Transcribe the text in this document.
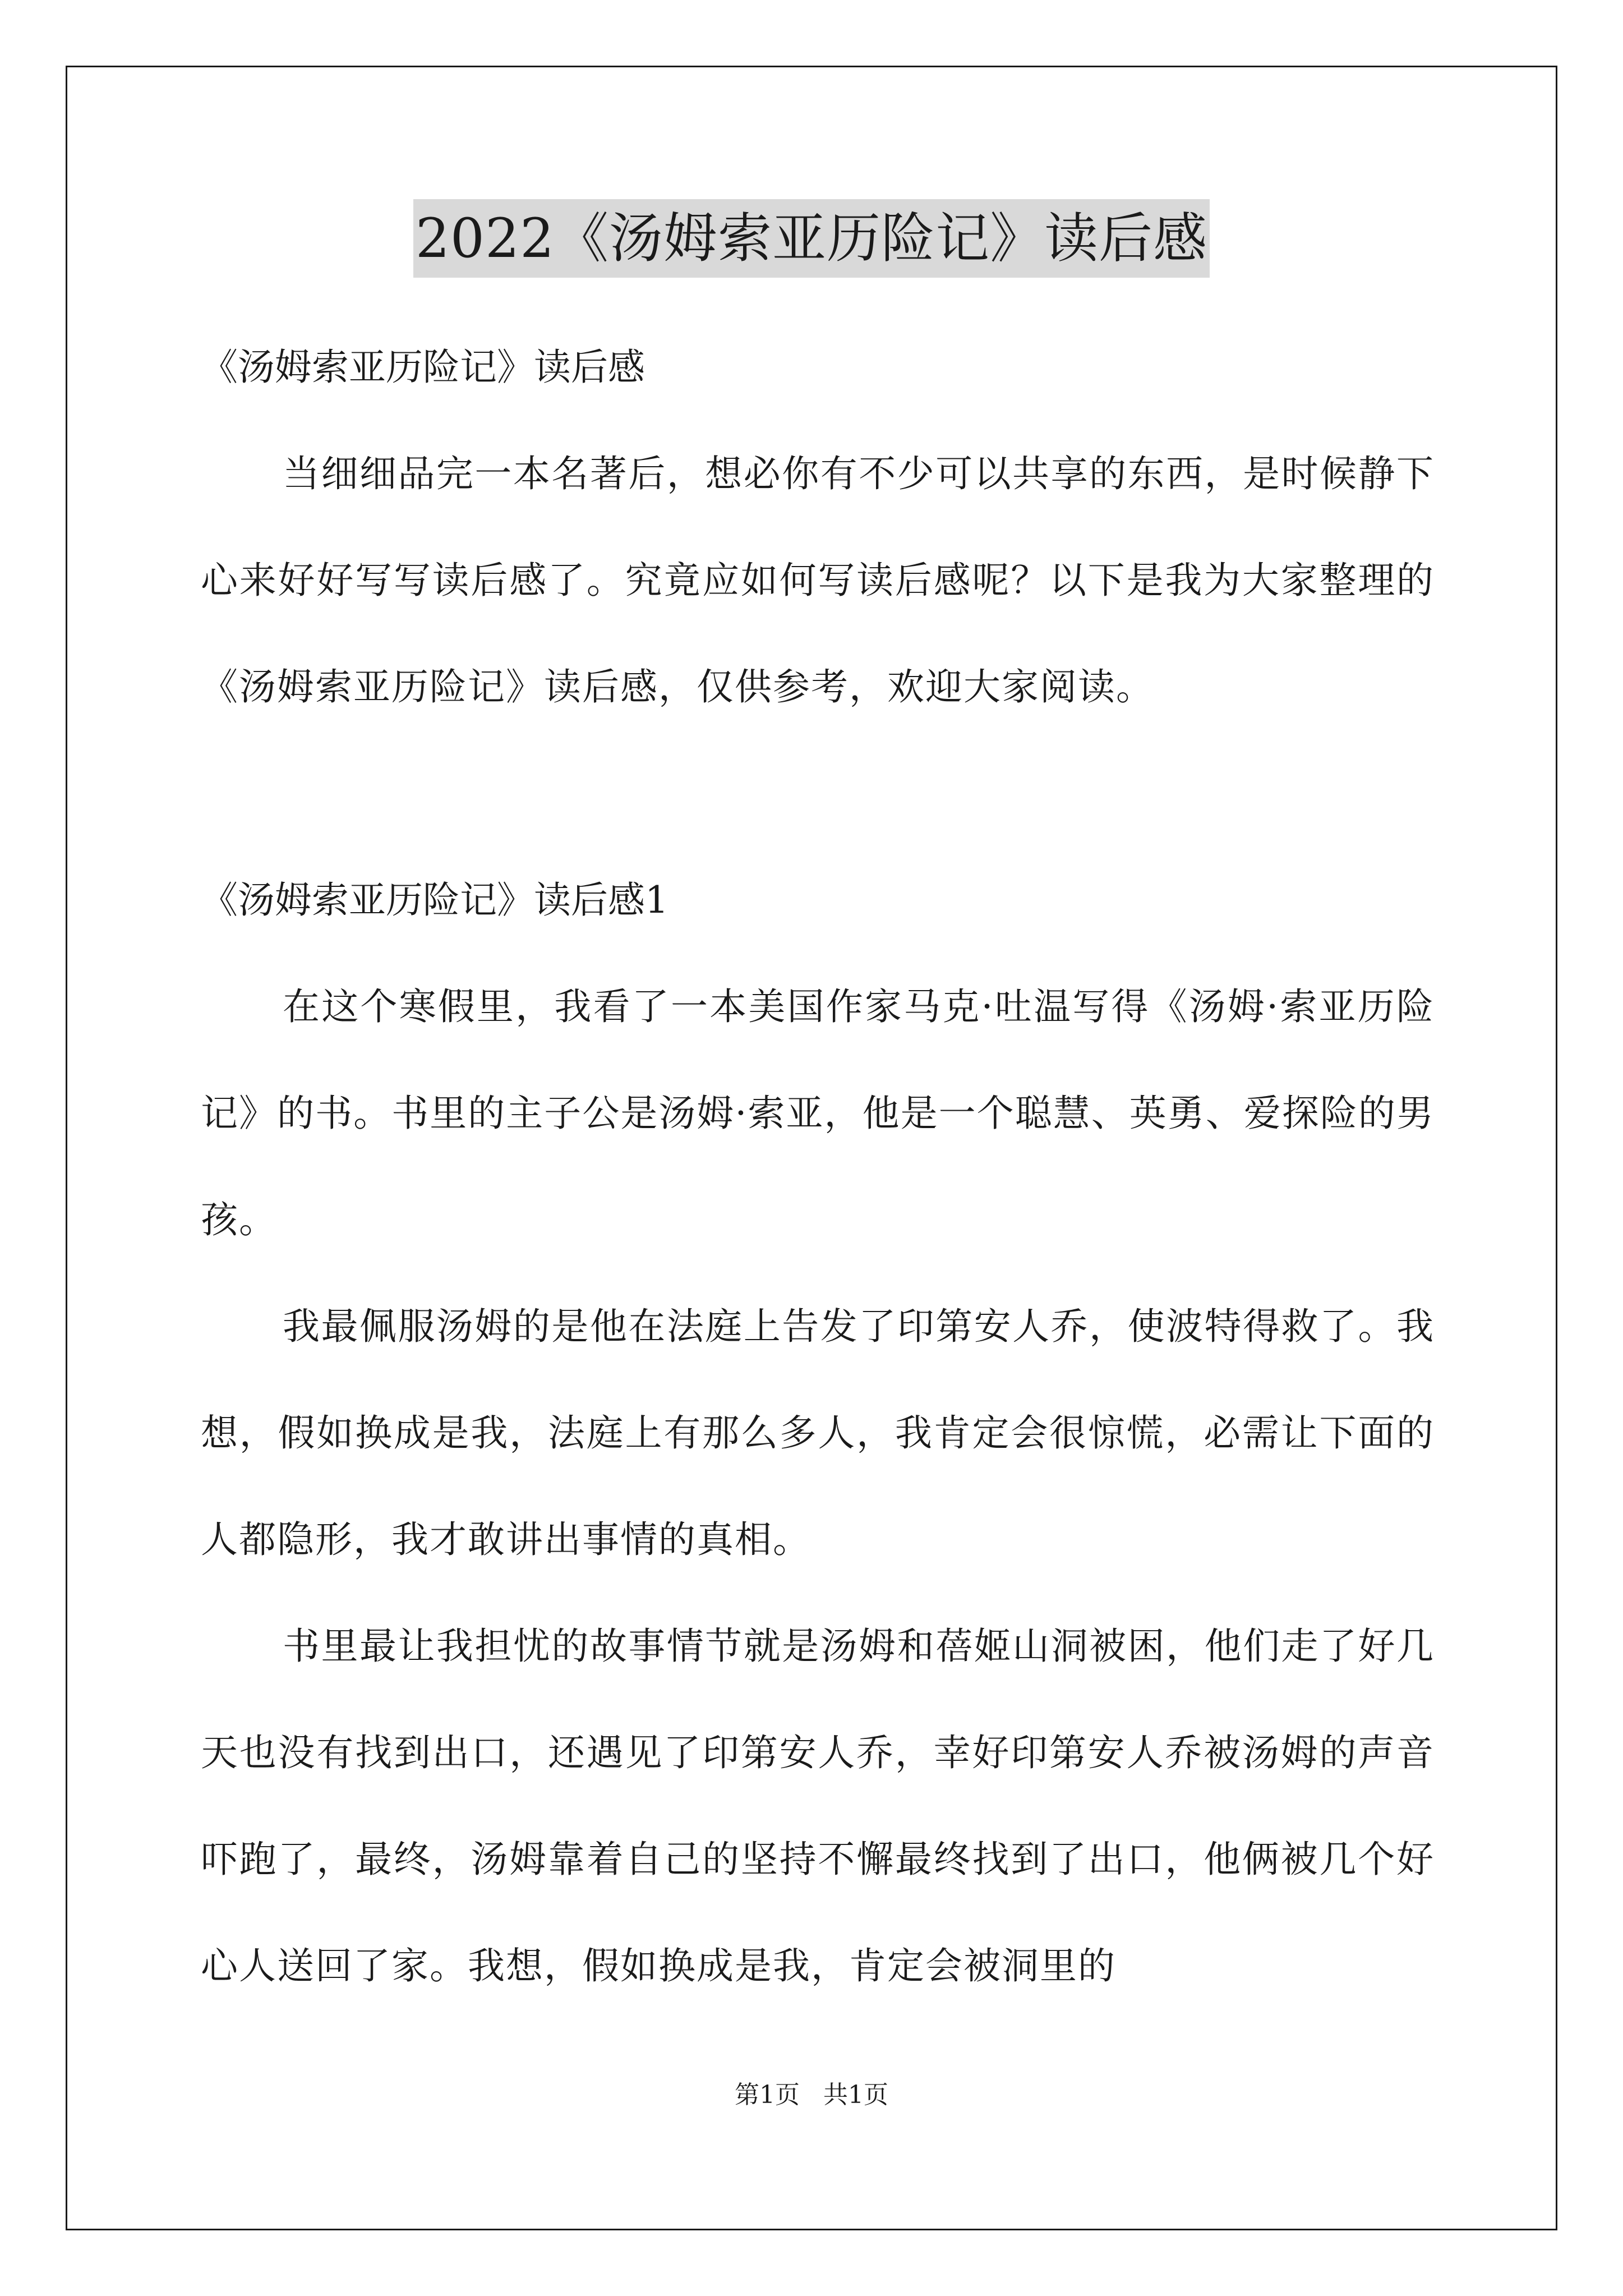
2022《汤姆索亚历险记》读后感

《汤姆索亚历险记》读后感

当细细品完一本名著后，想必你有不少可以共享的东西，是时候静下心来好好写写读后感了。究竟应如何写读后感呢？以下是我为大家整理的《汤姆索亚历险记》读后感，仅供参考，欢迎大家阅读。

《汤姆索亚历险记》读后感1

在这个寒假里，我看了一本美国作家马克·吐温写得《汤姆·索亚历险记》的书。书里的主子公是汤姆·索亚，他是一个聪慧、英勇、爱探险的男孩。

我最佩服汤姆的是他在法庭上告发了印第安人乔，使波特得救了。我想，假如换成是我，法庭上有那么多人，我肯定会很惊慌，必需让下面的人都隐形，我才敢讲出事情的真相。

书里最让我担忧的故事情节就是汤姆和蓓姬山洞被困，他们走了好几天也没有找到出口，还遇见了印第安人乔，幸好印第安人乔被汤姆的声音吓跑了，最终，汤姆靠着自己的坚持不懈最终找到了出口，他俩被几个好心人送回了家。我想，假如换成是我，肯定会被洞里的

第1页   共1页
